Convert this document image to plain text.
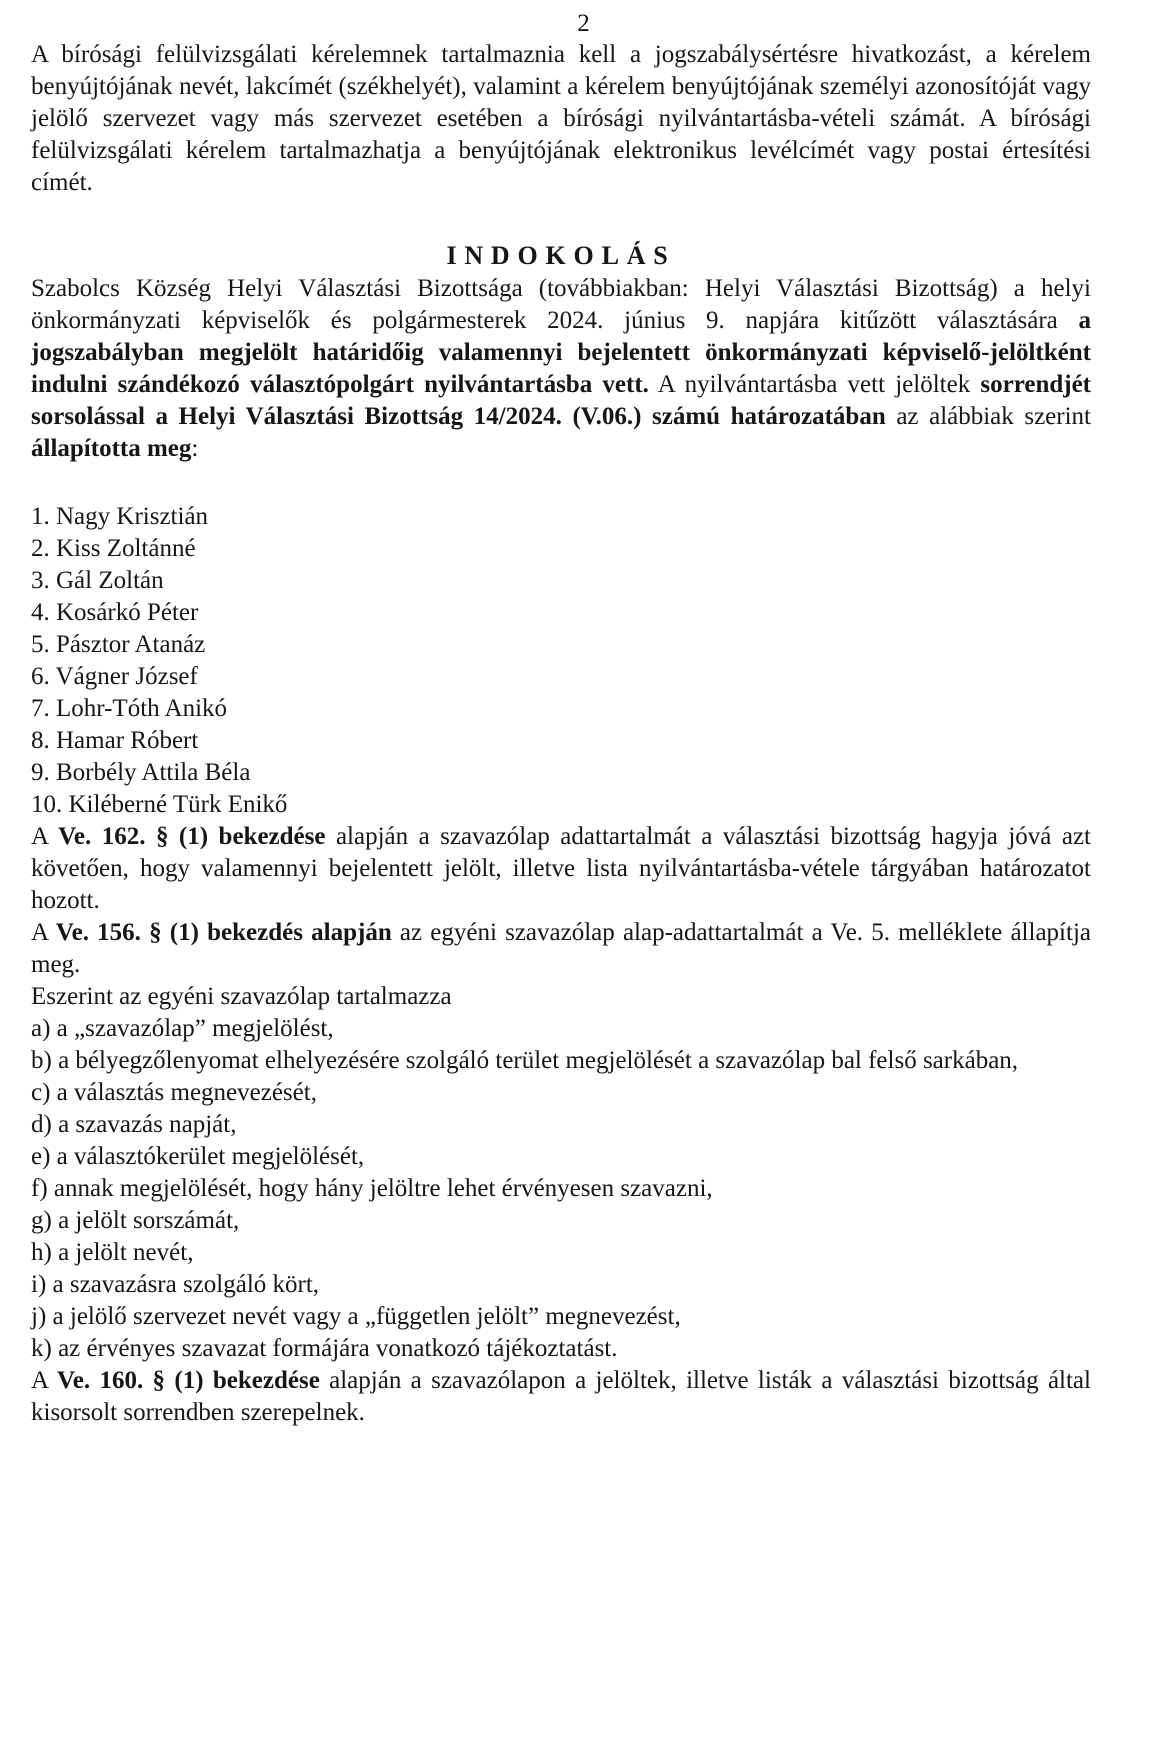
2

A bírósági felülvizsgálati kérelemnek tartalmaznia kell a jogszabálysértésre hivatkozást, a kérelem benyújtójának nevét, lakcímét (székhelyét), valamint a kérelem benyújtójának személyi azonosítóját vagy jelölő szervezet vagy más szervezet esetében a bírósági nyilvántartásba-vételi számát. A bírósági felülvizsgálati kérelem tartalmazhatja a benyújtójának elektronikus levélcímét vagy postai értesítési címét.

INDOKOLÁS

Szabolcs Község Helyi Választási Bizottsága (továbbiakban: Helyi Választási Bizottság) a helyi önkormányzati képviselők és polgármesterek 2024. június 9. napjára kitűzött választására a jogszabályban megjelölt határidőig valamennyi bejelentett önkormányzati képviselő-jelöltként indulni szándékozó választópolgárt nyilvántartásba vett. A nyilvántartásba vett jelöltek sorrendjét sorsolással a Helyi Választási Bizottság 14/2024. (V.06.) számú határozatában az alábbiak szerint állapította meg:

1. Nagy Krisztián
2. Kiss Zoltánné
3. Gál Zoltán
4. Kosárkó Péter
5. Pásztor Atanáz
6. Vágner József
7. Lohr-Tóth Anikó
8. Hamar Róbert
9. Borbély Attila Béla
10. Kiléberné Türk Enikő

A Ve. 162. § (1) bekezdése alapján a szavazólap adattartalmát a választási bizottság hagyja jóvá azt követően, hogy valamennyi bejelentett jelölt, illetve lista nyilvántartásba-vétele tárgyában határozatot hozott.

A Ve. 156. § (1) bekezdés alapján az egyéni szavazólap alap-adattartalmát a Ve. 5. melléklete állapítja meg.

Eszerint az egyéni szavazólap tartalmazza
a) a „szavazólap” megjelölést,
b) a bélyegzőlenyomat elhelyezésére szolgáló terület megjelölését a szavazólap bal felső sarkában,
c) a választás megnevezését,
d) a szavazás napját,
e) a választókerület megjelölését,
f) annak megjelölését, hogy hány jelöltre lehet érvényesen szavazni,
g) a jelölt sorszámát,
h) a jelölt nevét,
i) a szavazásra szolgáló kört,
j) a jelölő szervezet nevét vagy a „független jelölt” megnevezést,
k) az érvényes szavazat formájára vonatkozó tájékoztatást.

A Ve. 160. § (1) bekezdése alapján a szavazólapon a jelöltek, illetve listák a választási bizottság által kisorsolt sorrendben szerepelnek.
